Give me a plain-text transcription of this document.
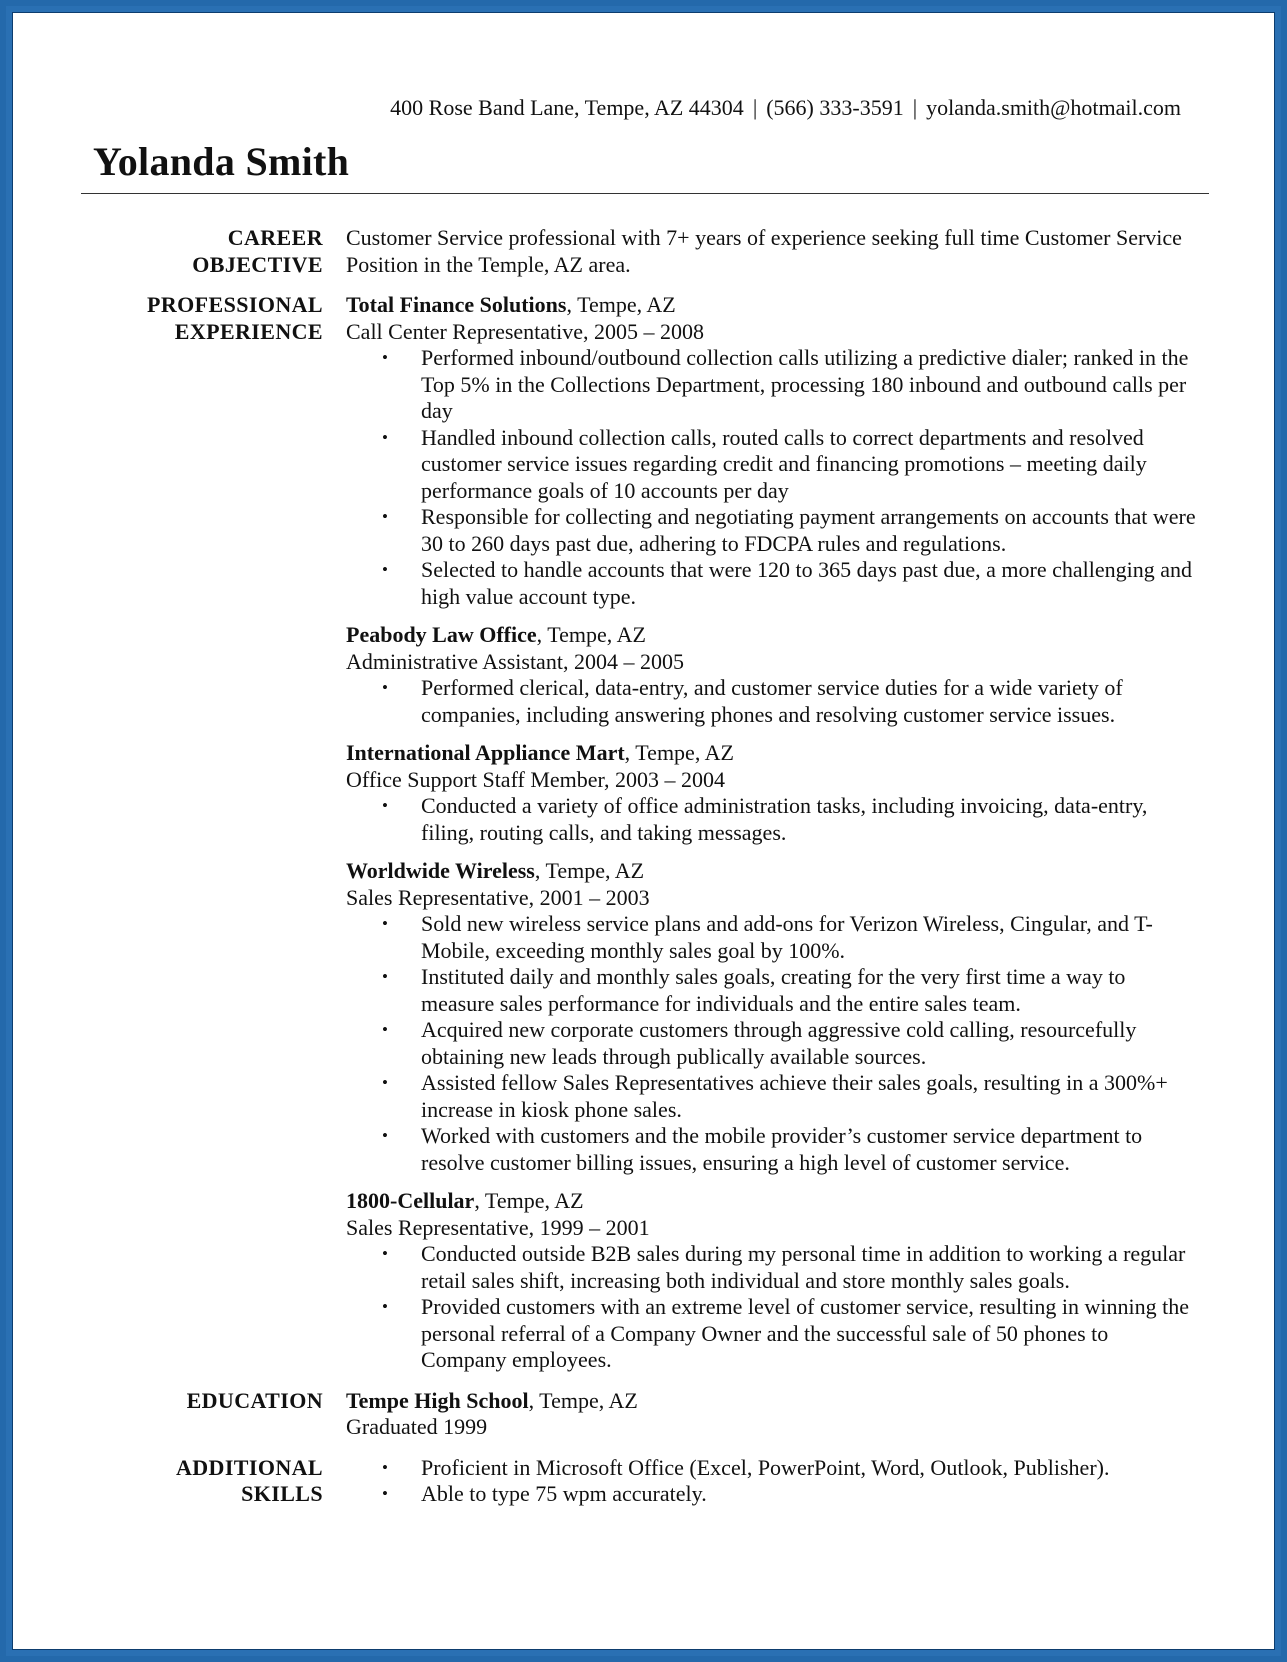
400 Rose Band Lane, Tempe, AZ 44304 | (566) 333-3591 | yolanda.smith@hotmail.com
Yolanda Smith
CAREER
OBJECTIVE
Customer Service professional with 7+ years of experience seeking full time Customer Service Position in the Temple, AZ area.
PROFESSIONAL
EXPERIENCE
Total Finance Solutions, Tempe, AZ
Call Center Representative, 2005 – 2008
• Performed inbound/outbound collection calls utilizing a predictive dialer; ranked in the Top 5% in the Collections Department, processing 180 inbound and outbound calls per day
• Handled inbound collection calls, routed calls to correct departments and resolved customer service issues regarding credit and financing promotions – meeting daily performance goals of 10 accounts per day
• Responsible for collecting and negotiating payment arrangements on accounts that were 30 to 260 days past due, adhering to FDCPA rules and regulations.
• Selected to handle accounts that were 120 to 365 days past due, a more challenging and high value account type.
Peabody Law Office, Tempe, AZ
Administrative Assistant, 2004 – 2005
• Performed clerical, data-entry, and customer service duties for a wide variety of companies, including answering phones and resolving customer service issues.
International Appliance Mart, Tempe, AZ
Office Support Staff Member, 2003 – 2004
• Conducted a variety of office administration tasks, including invoicing, data-entry, filing, routing calls, and taking messages.
Worldwide Wireless, Tempe, AZ
Sales Representative, 2001 – 2003
• Sold new wireless service plans and add-ons for Verizon Wireless, Cingular, and T-Mobile, exceeding monthly sales goal by 100%.
• Instituted daily and monthly sales goals, creating for the very first time a way to measure sales performance for individuals and the entire sales team.
• Acquired new corporate customers through aggressive cold calling, resourcefully obtaining new leads through publically available sources.
• Assisted fellow Sales Representatives achieve their sales goals, resulting in a 300%+ increase in kiosk phone sales.
• Worked with customers and the mobile provider’s customer service department to resolve customer billing issues, ensuring a high level of customer service.
1800-Cellular, Tempe, AZ
Sales Representative, 1999 – 2001
• Conducted outside B2B sales during my personal time in addition to working a regular retail sales shift, increasing both individual and store monthly sales goals.
• Provided customers with an extreme level of customer service, resulting in winning the personal referral of a Company Owner and the successful sale of 50 phones to Company employees.
EDUCATION	Tempe High School, Tempe, AZ
Graduated 1999
ADDITIONAL
SKILLS
• Proficient in Microsoft Office (Excel, PowerPoint, Word, Outlook, Publisher).
• Able to type 75 wpm accurately.
